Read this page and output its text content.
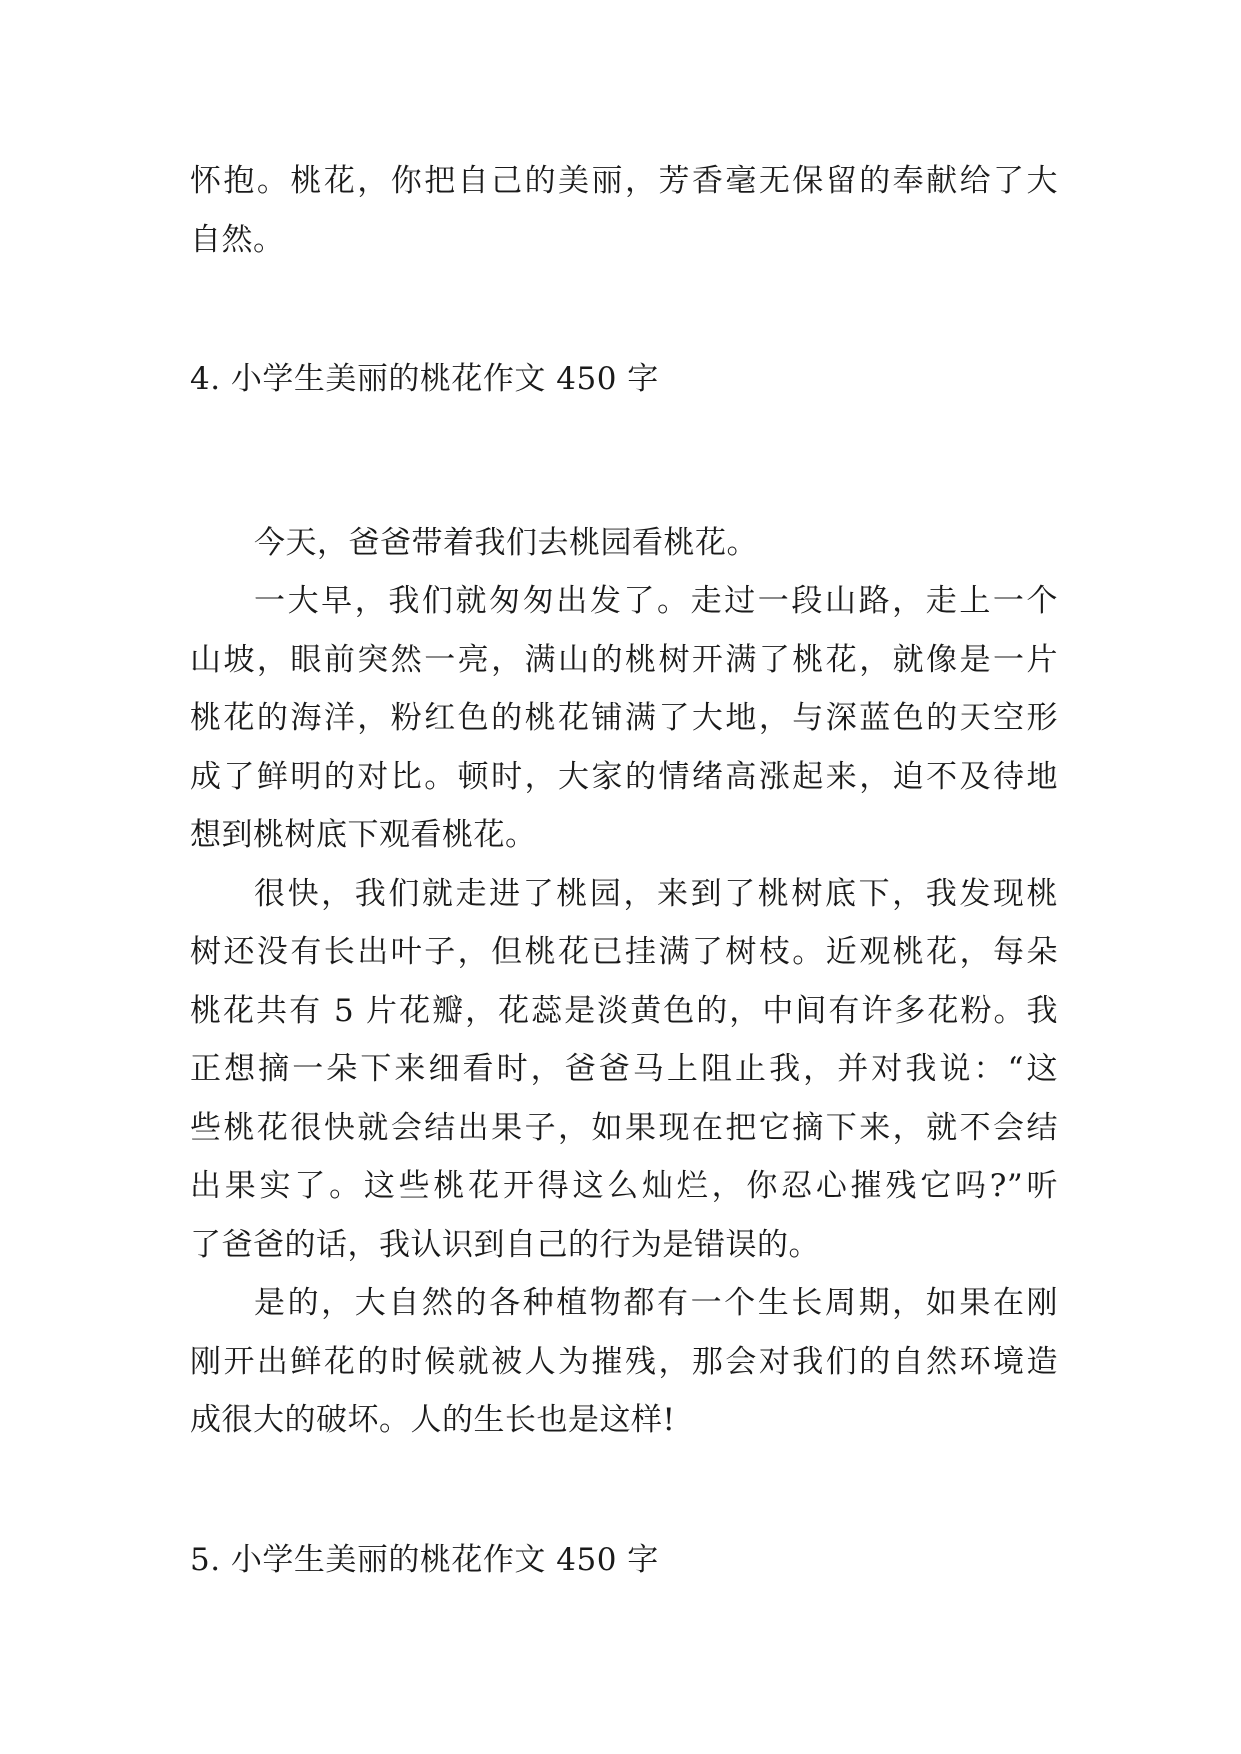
怀抱。桃花，你把自己的美丽，芳香毫无保留的奉献给了大
自然。
4. 小学生美丽的桃花作文 450 字
今天，爸爸带着我们去桃园看桃花。
一大早，我们就匆匆出发了。走过一段山路，走上一个
山坡，眼前突然一亮，满山的桃树开满了桃花，就像是一片
桃花的海洋，粉红色的桃花铺满了大地，与深蓝色的天空形
成了鲜明的对比。顿时，大家的情绪高涨起来，迫不及待地
想到桃树底下观看桃花。
很快，我们就走进了桃园，来到了桃树底下，我发现桃
树还没有长出叶子，但桃花已挂满了树枝。近观桃花，每朵
桃花共有 5 片花瓣，花蕊是淡黄色的，中间有许多花粉。我
正想摘一朵下来细看时，爸爸马上阻止我，并对我说：“这
些桃花很快就会结出果子，如果现在把它摘下来，就不会结
出果实了。这些桃花开得这么灿烂，你忍心摧残它吗?”听
了爸爸的话，我认识到自己的行为是错误的。
是的，大自然的各种植物都有一个生长周期，如果在刚
刚开出鲜花的时候就被人为摧残，那会对我们的自然环境造
成很大的破坏。人的生长也是这样!
5. 小学生美丽的桃花作文 450 字
